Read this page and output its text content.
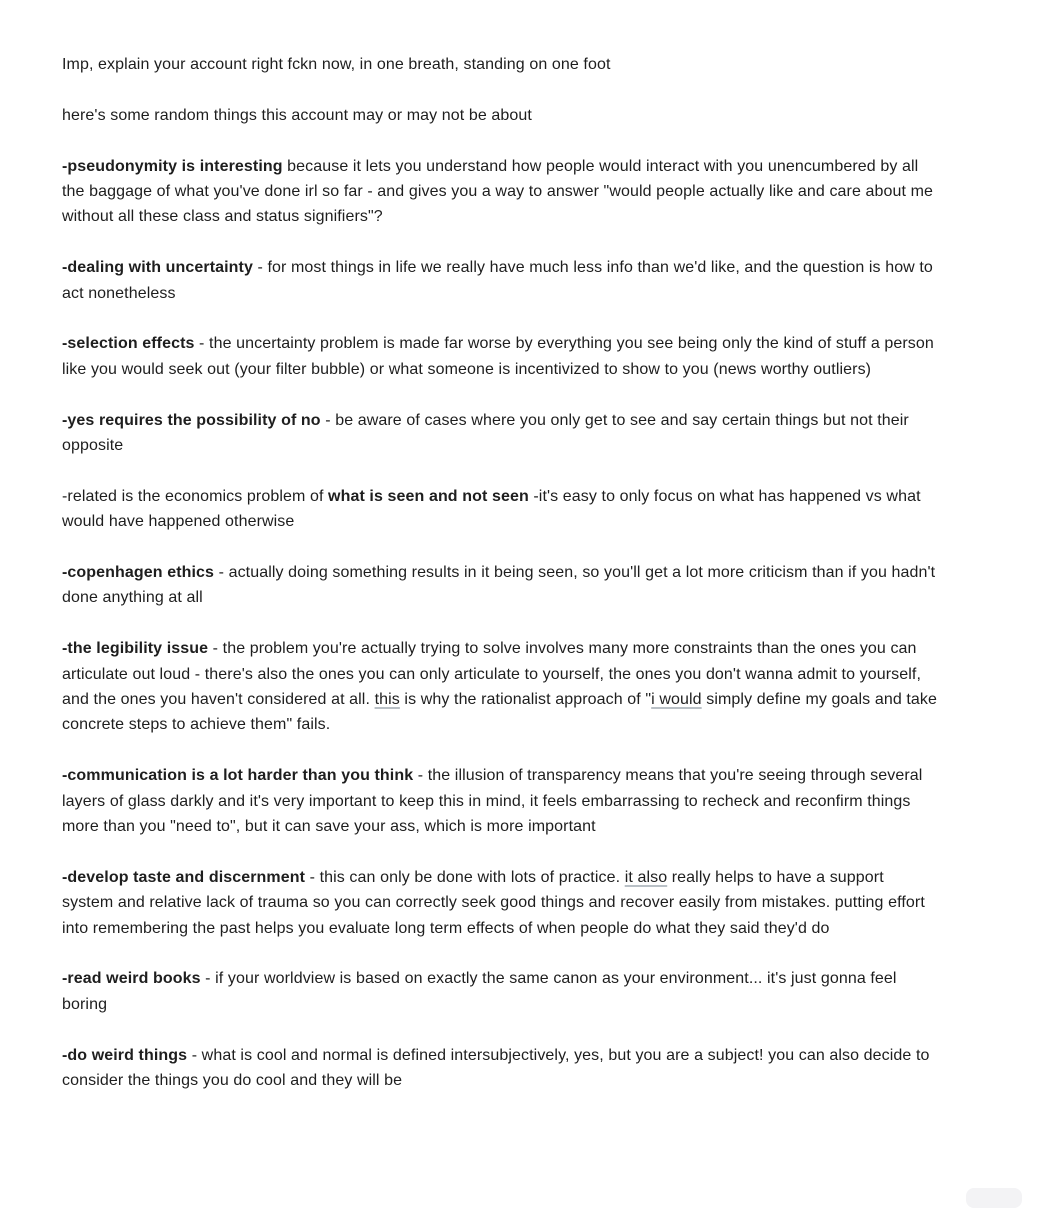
Imp, explain your account right fckn now, in one breath, standing on one foot

here's some random things this account may or may not be about

-pseudonymity is interesting because it lets you understand how people would interact with you unencumbered by all the baggage of what you've done irl so far - and gives you a way to answer "would people actually like and care about me without all these class and status signifiers"?

-dealing with uncertainty - for most things in life we really have much less info than we'd like, and the question is how to act nonetheless

-selection effects - the uncertainty problem is made far worse by everything you see being only the kind of stuff a person like you would seek out (your filter bubble) or what someone is incentivized to show to you (news worthy outliers)

-yes requires the possibility of no - be aware of cases where you only get to see and say certain things but not their opposite

-related is the economics problem of what is seen and not seen -it's easy to only focus on what has happened vs what would have happened otherwise

-copenhagen ethics - actually doing something results in it being seen, so you'll get a lot more criticism than if you hadn't done anything at all

-the legibility issue - the problem you're actually trying to solve involves many more constraints than the ones you can articulate out loud - there's also the ones you can only articulate to yourself, the ones you don't wanna admit to yourself, and the ones you haven't considered at all. this is why the rationalist approach of "i would simply define my goals and take concrete steps to achieve them" fails.

-communication is a lot harder than you think - the illusion of transparency means that you're seeing through several layers of glass darkly and it's very important to keep this in mind, it feels embarrassing to recheck and reconfirm things more than you "need to", but it can save your ass, which is more important

-develop taste and discernment - this can only be done with lots of practice. it also really helps to have a support system and relative lack of trauma so you can correctly seek good things and recover easily from mistakes. putting effort into remembering the past helps you evaluate long term effects of when people do what they said they'd do

-read weird books - if your worldview is based on exactly the same canon as your environment... it's just gonna feel boring

-do weird things - what is cool and normal is defined intersubjectively, yes, but you are a subject! you can also decide to consider the things you do cool and they will be
